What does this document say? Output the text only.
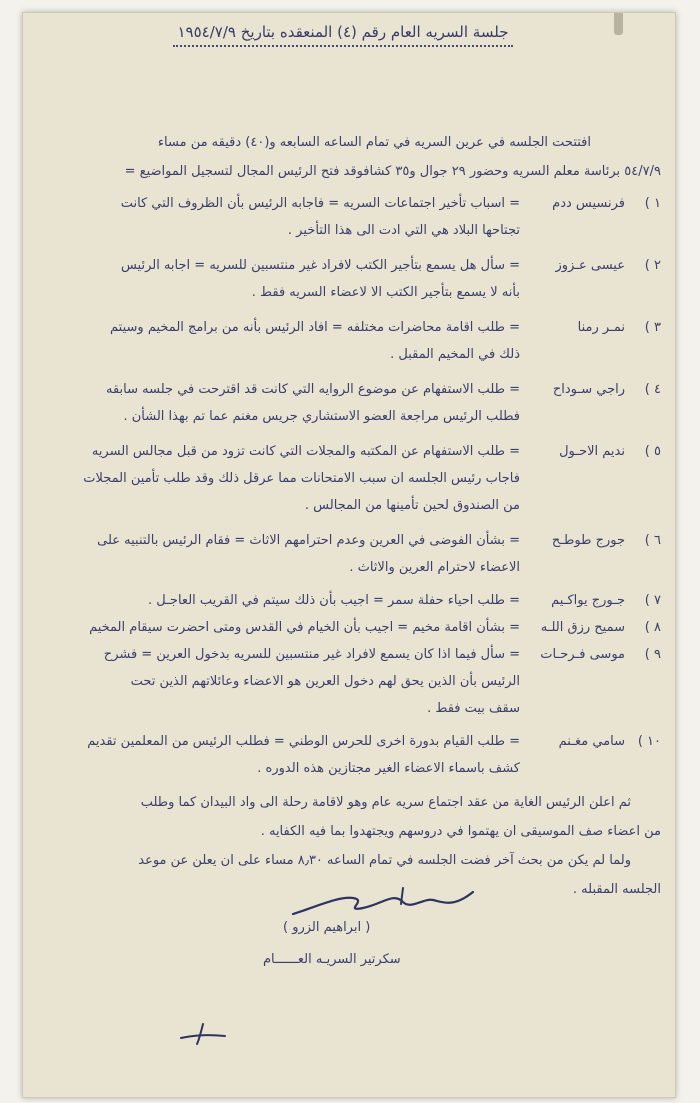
جلسة السريه العام رقم (٤) المنعقده بتاريخ ١٩٥٤/٧/٩

افتتحت الجلسه في عرين السريه في تمام الساعه السابعه و(٤٠) دقيقه من مساء

٥٤/٧/٩ برئاسة معلم السريه وحضور ٢٩ جوال و٣٥ كشافوقد فتح الرئيس المجال لتسجيل المواضيع =

١ )
فرنسيس ددم
= اسباب تأخير اجتماعات السريه = فاجابه الرئيس بأن الظروف التي كانت
تجتاحها البلاد هي التي ادت الى هذا التأخير .
٢ )
عيسى عـزوز
= سأل هل يسمع بتأجير الكتب لافراد غير منتسبين للسريه = اجابه الرئيس
بأنه لا يسمع بتأجير الكتب الا لاعضاء السريه فقط .
٣ )
نمـر رمنا
= طلب اقامة محاضرات مختلفه = افاد الرئيس بأنه من برامج المخيم وسيتم
ذلك في المخيم المقبل .
٤ )
راجي سـوداح
= طلب الاستفهام عن موضوع الروايه التي كانت قد اقترحت في جلسه سابقه
فطلب الرئيس مراجعة العضو الاستشاري جريس مغنم عما تم بهذا الشأن .
٥ )
نديم الاحـول
= طلب الاستفهام عن المكتبه والمجلات التي كانت تزود من قبل مجالس السريه
فاجاب رئيس الجلسه ان سبب الامتحانات مما عرقل ذلك وقد طلب تأمين المجلات
من الصندوق لحين تأمينها من المجالس .
٦ )
جورج طوطـح
= بشأن الفوضى في العرين وعدم احترامهم الاثاث = فقام الرئيس بالتنبيه على
الاعضاء لاحترام العرين والاثاث .
٧ )
جـورج يواكـيم
= طلب احياء حفلة سمر = اجيب بأن ذلك سيتم في القريب العاجـل .
٨ )
سميح رزق اللـه
= بشأن اقامة مخيم = اجيب بأن الخيام في القدس ومتى احضرت سيقام المخيم
٩ )
موسى فـرحـات
= سأل فيما اذا كان يسمع لافراد غير منتسبين للسريه بدخول العرين = فشرح
الرئيس بأن الذين يحق لهم دخول العرين هو الاعضاء وعائلاتهم الذين تحت
سقف بيت فقط .
١٠ )
سامي مغـنم
= طلب القيام بدورة اخرى للحرس الوطني = فطلب الرئيس من المعلمين تقديم
كشف باسماء الاعضاء الغير مجتازين هذه الدوره .

ثم اعلن الرئيس الغاية من عقد اجتماع سريه عام وهو لاقامة رحلة الى واد البيدان كما وطلب

من اعضاء صف الموسيقى ان يهتموا في دروسهم ويجتهدوا بما فيه الكفايه .

ولما لم يكن من بحث آخر فضت الجلسه في تمام الساعه ٨٫٣٠ مساء على ان يعلن عن موعد

الجلسه المقبله .

( ابراهيم الزرو )
سكرتير السريـه العــــــام
